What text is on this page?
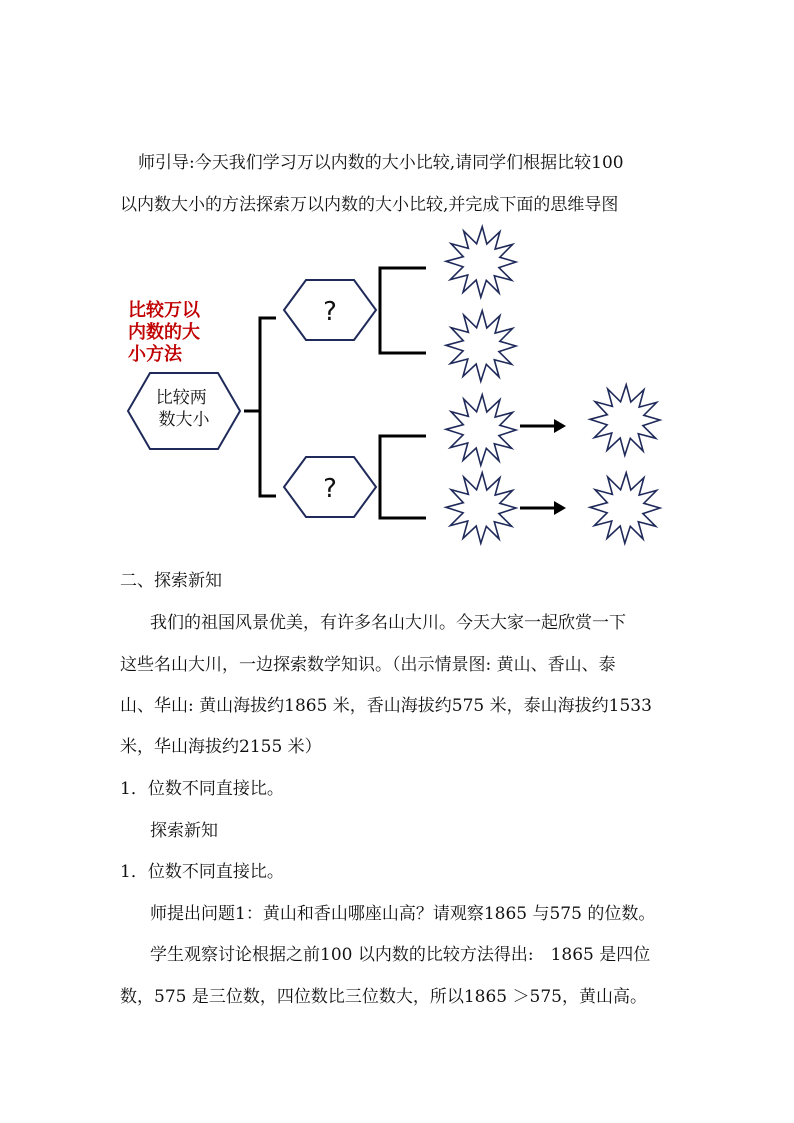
师引导:今天我们学习万以内数的大小比较,请同学们根据比较100
以内数大小的方法探索万以内数的大小比较,并完成下面的思维导图
比较万以 内数的大 小方法
比较两 数大小
?
?
二、探索新知
我们的祖国风景优美，有许多名山大川。今天大家一起欣赏一下
这些名山大川，一边探索数学知识。（出示情景图: 黄山、香山、泰
山、华山: 黄山海拔约1865 米，香山海拔约575 米，泰山海拔约1533
米，华山海拔约2155 米）
1．位数不同直接比。
探索新知
1．位数不同直接比。
师提出问题1：黄山和香山哪座山高？请观察1865 与575 的位数。
学生观察讨论根据之前100 以内数的比较方法得出:　1865 是四位
数，575 是三位数，四位数比三位数大，所以1865 ＞575，黄山高。
